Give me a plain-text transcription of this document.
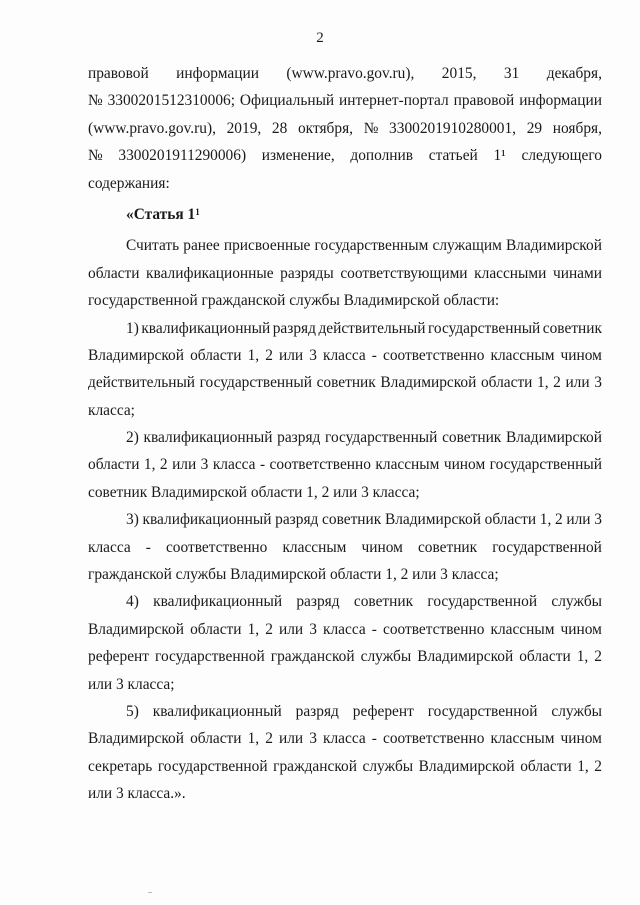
2
правовой информации (www.pravo.gov.ru), 2015, 31 декабря,
№ 3300201512310006; Официальный интернет-портал правовой информации
(www.pravo.gov.ru), 2019, 28 октября, № 3300201910280001, 29 ноября,
№ 3300201911290006) изменение, дополнив статьей 1¹ следующего
содержания:
«Статья $1^1$
Считать ранее присвоенные государственным служащим Владимирской
области квалификационные разряды соответствующими классными чинами
государственной гражданской службы Владимирской области:
1) квалификационный разряд действительный государственный советник
Владимирской области 1, 2 или 3 класса - соответственно классным чином
действительный государственный советник Владимирской области 1, 2 или 3
класса;
2) квалификационный разряд государственный советник Владимирской
области 1, 2 или 3 класса - соответственно классным чином государственный
советник Владимирской области 1, 2 или 3 класса;
3) квалификационный разряд советник Владимирской области 1, 2 или 3
класса - соответственно классным чином советник государственной
гражданской службы Владимирской области 1, 2 или 3 класса;
4) квалификационный разряд советник государственной службы
Владимирской области 1, 2 или 3 класса - соответственно классным чином
референт государственной гражданской службы Владимирской области 1, 2
или 3 класса;
5) квалификационный разряд референт государственной службы
Владимирской области 1, 2 или 3 класса - соответственно классным чином
секретарь государственной гражданской службы Владимирской области 1, 2
или 3 класса.».
